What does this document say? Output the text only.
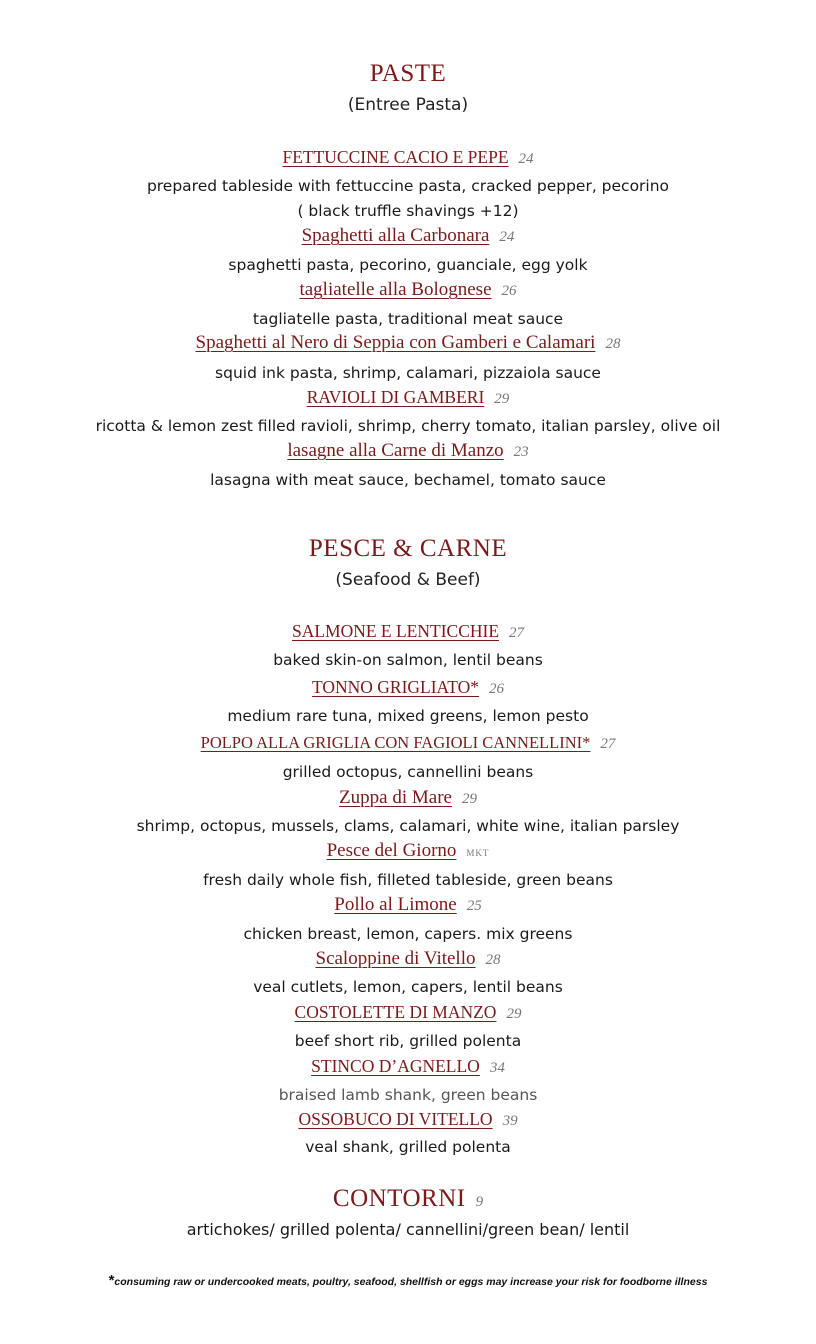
PASTE
(Entree Pasta)
FETTUCCINE CACIO E PEPE 24
prepared tableside with fettuccine pasta, cracked pepper, pecorino
( black truffle shavings +12)
Spaghetti alla Carbonara 24
spaghetti pasta, pecorino, guanciale, egg yolk
tagliatelle alla Bolognese 26
tagliatelle pasta, traditional meat sauce
Spaghetti al Nero di Seppia con Gamberi e Calamari 28
squid ink pasta, shrimp, calamari, pizzaiola sauce
RAVIOLI DI GAMBERI 29
ricotta & lemon zest filled ravioli, shrimp, cherry tomato, italian parsley, olive oil
lasagne alla Carne di Manzo 23
lasagna with meat sauce, bechamel, tomato sauce
PESCE & CARNE
(Seafood & Beef)
SALMONE E LENTICCHIE 27
baked skin-on salmon, lentil beans
TONNO GRIGLIATO* 26
medium rare tuna, mixed greens, lemon pesto
POLPO ALLA GRIGLIA CON FAGIOLI CANNELLINI* 27
grilled octopus, cannellini beans
Zuppa di Mare 29
shrimp, octopus, mussels, clams, calamari, white wine, italian parsley
Pesce del Giorno mkt
fresh daily whole fish, filleted tableside, green beans
Pollo al Limone 25
chicken breast, lemon, capers. mix greens
Scaloppine di Vitello 28
veal cutlets, lemon, capers, lentil beans
COSTOLETTE DI MANZO 29
beef short rib, grilled polenta
STINCO D’AGNELLO 34
braised lamb shank, green beans
OSSOBUCO DI VITELLO 39
veal shank, grilled polenta
CONTORNI 9
artichokes/ grilled polenta/ cannellini/green bean/ lentil
*consuming raw or undercooked meats, poultry, seafood, shellfish or eggs may increase your risk for foodborne illness
